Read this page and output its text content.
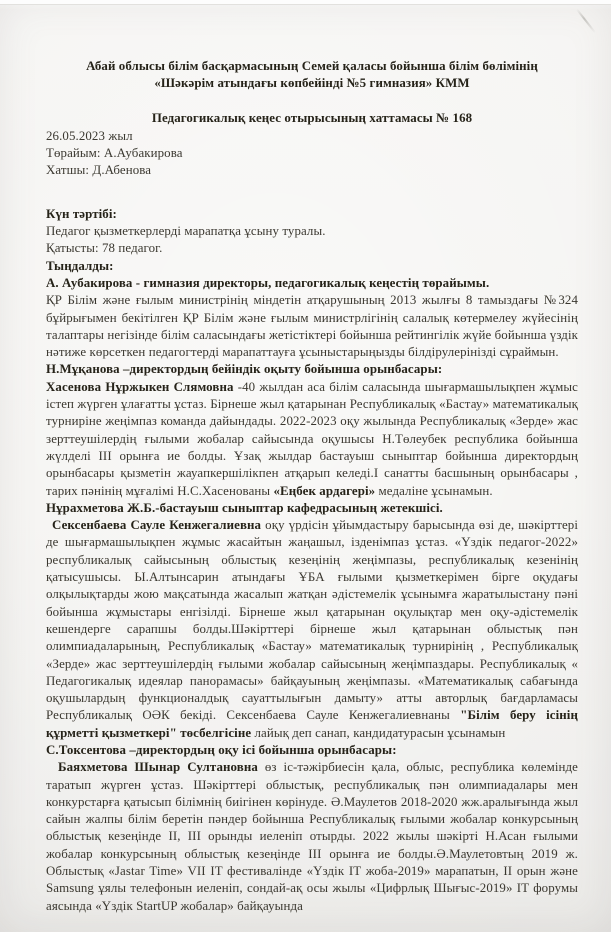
Абай облысы білім басқармасының Семей қаласы бойынша білім бөлімінің
«Шәкәрім атындағы көпбейінді №5 гимназия» КММ

Педагогикалық кеңес отырысының хаттамасы № 168

26.05.2023 жыл

Төрайым: А.Аубакирова

Хатшы: Д.Абенова

Күн тәртібі:

Педагог қызметкерлерді марапатқа ұсыну туралы.

Қатысты: 78 педагог.

Тыңдалды:

А. Аубакирова - гимназия директоры, педагогикалық кеңестің төрайымы.

ҚР Білім және ғылым министрінің міндетін атқарушының 2013 жылғы 8 тамыздағы №324 бұйрығымен бекітілген ҚР Білім және ғылым министрлігінің салалық көтермелеу жүйесінің талаптары негізінде білім саласындағы жетістіктері бойынша рейтингілік жүйе бойынша үздік нәтиже көрсеткен педагогтерді марапаттауға ұсыныстарыңызды білдірулерінізді сұраймын.

Н.Мұқанова –директордың бейіндік оқыту бойынша орынбасары:

Хасенова Нұржыкен Слямовна -40 жылдан аса білім саласында шығармашылықпен жұмыс істеп жүрген ұлағатты ұстаз. Бірнеше жыл қатарынан Республикалық «Бастау» математикалық турниріне жеңімпаз команда дайындады. 2022-2023 оқу жылында Республикалық «Зерде» жас зерттеушілердің ғылыми жобалар сайысында оқушысы Н.Төлеубек республика бойынша жүлделі III орынға ие болды. Ұзақ жылдар бастауыш сыныптар бойынша директордың орынбасары қызметін жауапкершілікпен атқарып келеді.I санатты басшының орынбасары , тарих пәнінің мұғалімі Н.С.Хасенованы «Еңбек ардагері» медаліне ұсынамын.

Нұрахметова Ж.Б.-бастауыш сыныптар кафедрасының жетекшісі.

Сексенбаева Сауле Кенжегалиевна оқу үрдісін ұйымдастыру барысында өзі де, шәкірттері де шығармашылықпен жұмыс жасайтын жаңашыл, ізденімпаз ұстаз. «Үздік педагог-2022» республикалық сайысының облыстық кезеңінің жеңімпазы, республикалық кезенінің қатысушысы. Ы.Алтынсарин атындағы ҰБА ғылыми қызметкерімен бірге оқудағы олқылықтарды жою мақсатында жасалып жатқан әдістемелік ұсынымға жаратылыстану пәні бойынша жұмыстары енгізілді. Бірнеше жыл қатарынан оқулықтар мен оқу-әдістемелік кешендерге сарапшы болды.Шәкірттері бірнеше жыл қатарынан облыстық пән олимпиадаларының, Республикалық «Бастау» математикалық турнирінің , Республикалық «Зерде» жас зерттеушілердің ғылыми жобалар сайысының жеңімпаздары. Республикалық « Педагогикалық идеялар панорамасы» байқауының жеңімпазы. «Математикалық сабағында оқушылардың функционалдық сауаттылығын дамыту» атты авторлық бағдарламасы Республикалық ОӘК бекіді. Сексенбаева Сауле Кенжегалиевнаны "Білім беру ісінің құрметті қызметкері" төсбелгісіне лайық деп санап, кандидатурасын ұсынамын

С.Токсентова –директордың оқу ісі бойынша орынбасары:

Баяхметова Шынар Султановна өз іс-тәжірбиесін қала, облыс, республика көлемінде таратып жүрген ұстаз. Шәкірттері облыстық, республикалық пән олимпиадалары мен конкурстарға қатысып білімнің биігінен көрінуде. Ә.Маулетов 2018-2020 жж.аралығында жыл сайын жалпы білім беретін пәндер бойынша Республикалық ғылыми жобалар конкурсының облыстық кезеңінде II, III орынды иеленіп отырды. 2022 жылы шәкірті Н.Асан ғылыми жобалар конкурсының облыстық кезеңінде III орынға ие болды.Ә.Маулетовтың 2019 ж. Облыстық «Jastar Time» VII IT фестивалінде «Үздік IT жоба-2019» марапатын, II орын және Samsung ұялы телефонын иеленіп, сондай-ақ осы жылы «Цифрлық Шығыс-2019» IT форумы аясында «Үздік StartUP жобалар» байқауында
